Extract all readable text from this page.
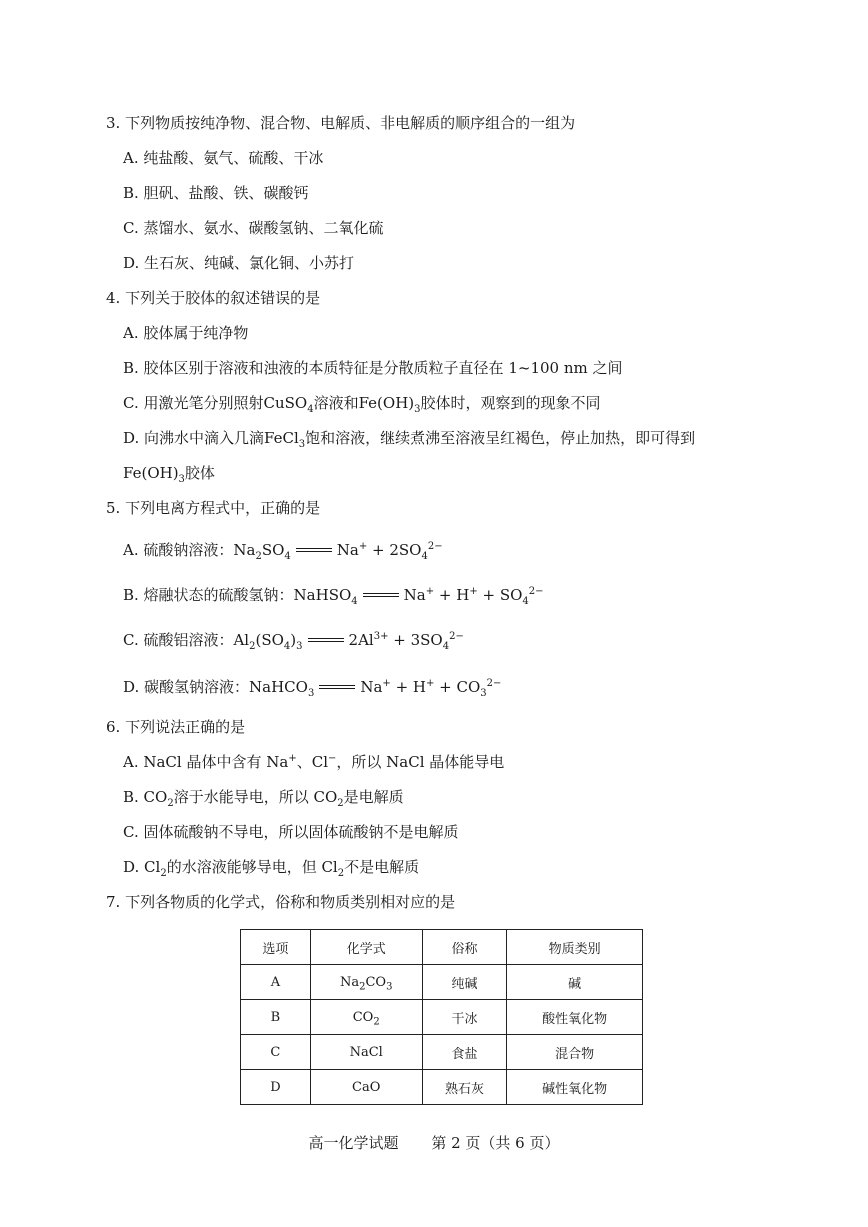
3. 下列物质按纯净物、混合物、电解质、非电解质的顺序组合的一组为
A. 纯盐酸、氨气、硫酸、干冰
B. 胆矾、盐酸、铁、碳酸钙
C. 蒸馏水、氨水、碳酸氢钠、二氧化硫
D. 生石灰、纯碱、氯化铜、小苏打
4. 下列关于胶体的叙述错误的是
A. 胶体属于纯净物
B. 胶体区别于溶液和浊液的本质特征是分散质粒子直径在 1~100 nm 之间
C. 用激光笔分别照射CuSO$_4$溶液和$Fe(OH)_3$胶体时，观察到的现象不同
D. 向沸水中滴入几滴FeCl$_3$饱和溶液，继续煮沸至溶液呈红褐色，停止加热，即可得到
$Fe(OH)_3$胶体
5. 下列电离方程式中，正确的是
A. 硫酸钠溶液：$Na_2SO_4$	$Na^+ + 2SO_4^{2-}$
B. 熔融状态的硫酸氢钠：NaHSO$_4$	$Na^+ + H^+ + SO_4^{2-}$
C. 硫酸铝溶液：$Al_2(SO_4)_3$	$2Al^{3+} + 3SO_4^{2-}$
D. 碳酸氢钠溶液：NaHCO$_3$	$Na^+ + H^+ + CO_3^{2-}$
6. 下列说法正确的是
A. NaCl 晶体中含有 Na+、Cl−，所以 NaCl 晶体能导电
B. $CO_2$溶于水能导电，所以 $CO_2$是电解质
C. 固体硫酸钠不导电，所以固体硫酸钠不是电解质
D. $Cl_2$的水溶液能够导电，但 $Cl_2$不是电解质
7. 下列各物质的化学式，俗称和物质类别相对应的是
选项	化学式	俗称	物质类别
A	$Na_2CO_3$	纯碱	碱
B	$CO_2$	干冰	酸性氧化物
C	NaCl	食盐	混合物
D	CaO	熟石灰	碱性氧化物
高一化学试题 第 2 页（共 6 页）
